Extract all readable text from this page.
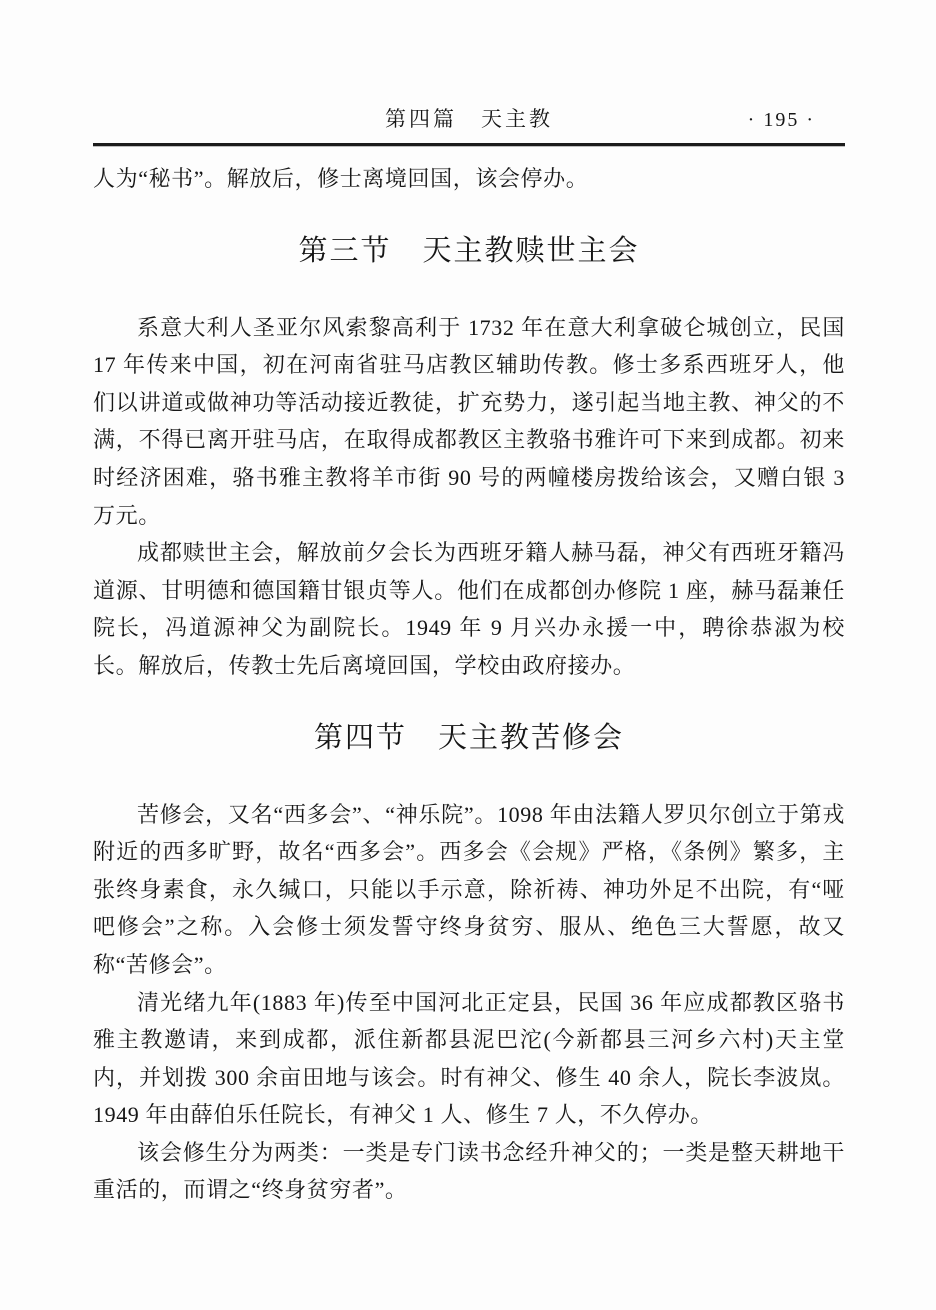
第四篇　天主教	· 195 ·

人为“秘书”。解放后，修士离境回国，该会停办。

第三节　天主教赎世主会

系意大利人圣亚尔风索黎高利于 1732 年在意大利拿破仑城创立，民国 17 年传来中国，初在河南省驻马店教区辅助传教。修士多系西班牙人，他们以讲道或做神功等活动接近教徒，扩充势力，遂引起当地主教、神父的不满，不得已离开驻马店，在取得成都教区主教骆书雅许可下来到成都。初来时经济困难，骆书雅主教将羊市街 90 号的两幢楼房拨给该会，又赠白银 3 万元。

成都赎世主会，解放前夕会长为西班牙籍人赫马磊，神父有西班牙籍冯道源、甘明德和德国籍甘银贞等人。他们在成都创办修院 1 座，赫马磊兼任院长，冯道源神父为副院长。1949 年 9 月兴办永援一中，聘徐恭淑为校长。解放后，传教士先后离境回国，学校由政府接办。

第四节　天主教苦修会

苦修会，又名“西多会”、“神乐院”。1098 年由法籍人罗贝尔创立于第戎附近的西多旷野，故名“西多会”。西多会《会规》严格，《条例》繁多，主张终身素食，永久缄口，只能以手示意，除祈祷、神功外足不出院，有“哑吧修会”之称。入会修士须发誓守终身贫穷、服从、绝色三大誓愿，故又称“苦修会”。

清光绪九年(1883 年)传至中国河北正定县，民国 36 年应成都教区骆书雅主教邀请，来到成都，派住新都县泥巴沱(今新都县三河乡六村)天主堂内，并划拨 300 余亩田地与该会。时有神父、修生 40 余人，院长李波岚。1949 年由薛伯乐任院长，有神父 1 人、修生 7 人，不久停办。

该会修生分为两类：一类是专门读书念经升神父的；一类是整天耕地干重活的，而谓之“终身贫穷者”。
